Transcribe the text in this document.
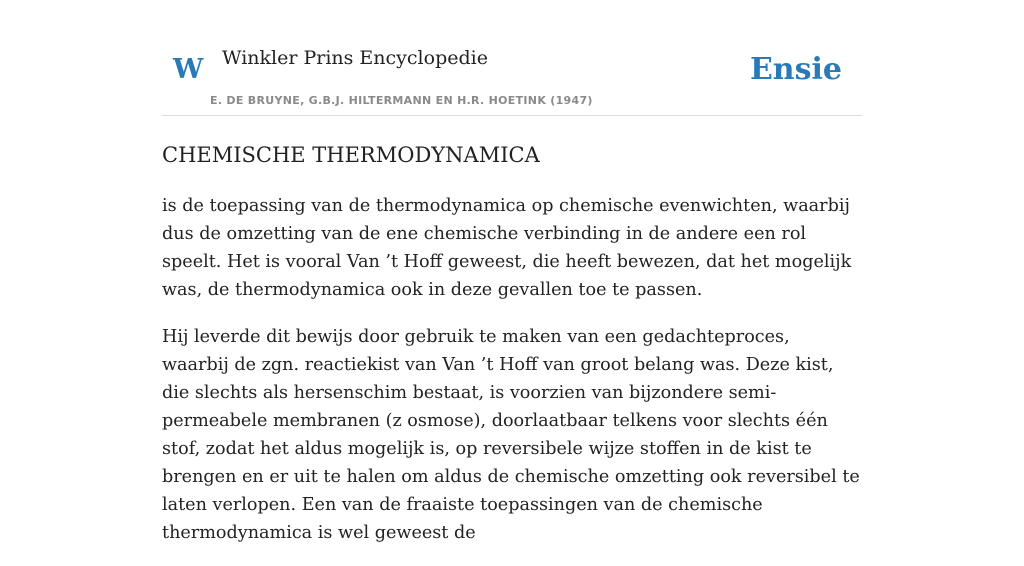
W Winkler Prins Encyclopedie	Ensie
E. DE BRUYNE, G.B.J. HILTERMANN EN H.R. HOETINK (1947)
CHEMISCHE THERMODYNAMICA

is de toepassing van de thermodynamica op chemische evenwichten, waarbij dus de omzetting van de ene chemische verbinding in de andere een rol speelt. Het is vooral Van ’t Hoff geweest, die heeft bewezen, dat het mogelijk was, de thermodynamica ook in deze gevallen toe te passen.

Hij leverde dit bewijs door gebruik te maken van een gedachteproces, waarbij de zgn. reactiekist van Van ’t Hoff van groot belang was. Deze kist, die slechts als hersenschim bestaat, is voorzien van bijzondere semi-permeabele membranen (z osmose), doorlaatbaar telkens voor slechts één stof, zodat het aldus mogelijk is, op reversibele wijze stoffen in de kist te brengen en er uit te halen om aldus de chemische omzetting ook reversibel te laten verlopen. Een van de fraaiste toepassingen van de chemische thermodynamica is wel geweest de
